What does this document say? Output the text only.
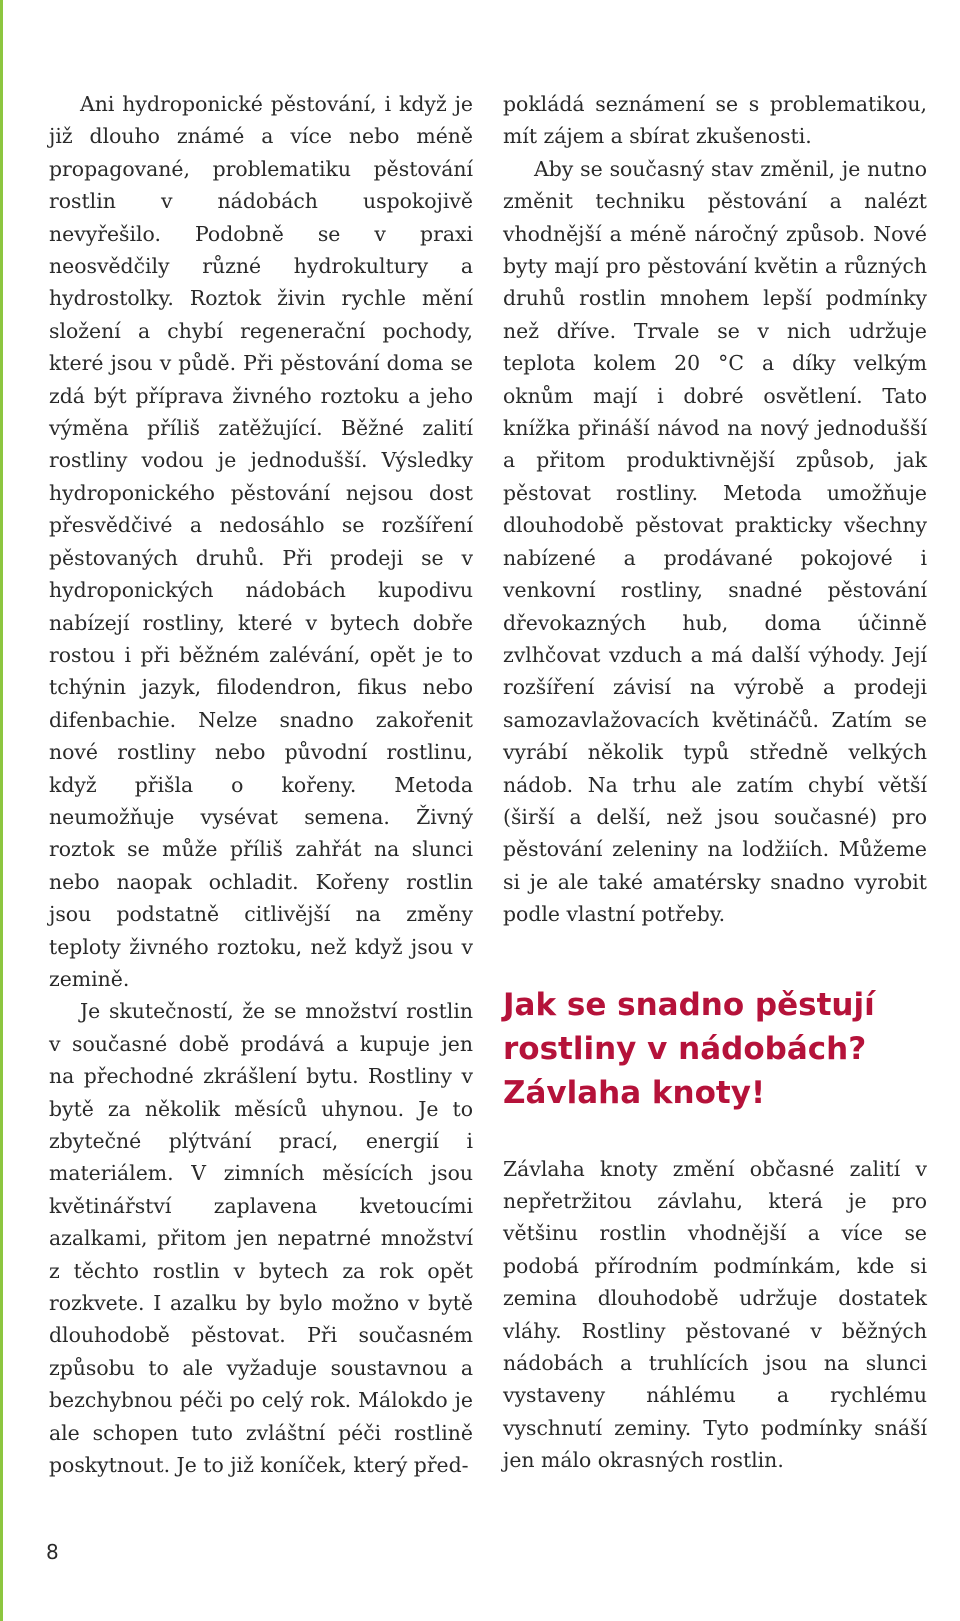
Ani hydroponické pěstování, i když je již dlouho známé a více nebo méně propagované, problematiku pěstování rostlin v nádobách uspokojivě nevyřešilo. Podobně se v praxi neosvědčily různé hydrokultury a hydrostolky. Roztok živin rychle mění složení a chybí regenerační pochody, které jsou v půdě. Při pěstování doma se zdá být příprava živného roztoku a jeho výměna příliš zatěžující. Běžné zalití rostliny vodou je jednodušší. Výsledky hydroponického pěstování nejsou dost přesvědčivé a nedosáhlo se rozšíření pěstovaných druhů. Při prodeji se v hydroponických nádobách kupodivu nabízejí rostliny, které v bytech dobře rostou i při běžném zalévání, opět je to tchýnin jazyk, filodendron, fikus nebo difenbachie. Nelze snadno zakořenit nové rostliny nebo původní rostlinu, když přišla o kořeny. Metoda neumožňuje vysévat semena. Živný roztok se může příliš zahřát na slunci nebo naopak ochladit. Kořeny rostlin jsou podstatně citlivější na změny teploty živného roztoku, než když jsou v zemině.

Je skutečností, že se množství rostlin v současné době prodává a kupuje jen na přechodné zkrášlení bytu. Rostliny v bytě za několik měsíců uhynou. Je to zbytečné plýtvání prací, energií i materiálem. V zimních měsících jsou květinářství zaplavena kvetoucími azalkami, přitom jen nepatrné množství z těchto rostlin v bytech za rok opět rozkvete. I azalku by bylo možno v bytě dlouhodobě pěstovat. Při současném způsobu to ale vyžaduje soustavnou a bezchybnou péči po celý rok. Málokdo je ale schopen tuto zvláštní péči rostlině poskytnout. Je to již koníček, který před-

pokládá seznámení se s problematikou, mít zájem a sbírat zkušenosti.

Aby se současný stav změnil, je nutno změnit techniku pěstování a nalézt vhodnější a méně náročný způsob. Nové byty mají pro pěstování květin a různých druhů rostlin mnohem lepší podmínky než dříve. Trvale se v nich udržuje teplota kolem 20 °C a díky velkým oknům mají i dobré osvětlení. Tato knížka přináší návod na nový jednodušší a přitom produktivnější způsob, jak pěstovat rostliny. Metoda umožňuje dlouhodobě pěstovat prakticky všechny nabízené a prodávané pokojové i venkovní rostliny, snadné pěstování dřevokazných hub, doma účinně zvlhčovat vzduch a má další výhody. Její rozšíření závisí na výrobě a prodeji samozavlažovacích květináčů. Zatím se vyrábí několik typů středně velkých nádob. Na trhu ale zatím chybí větší (širší a delší, než jsou současné) pro pěstování zeleniny na lodžiích. Můžeme si je ale také amatérsky snadno vyrobit podle vlastní potřeby.

Jak se snadno pěstují rostliny v nádobách? Závlaha knoty!

Závlaha knoty změní občasné zalití v nepřetržitou závlahu, která je pro většinu rostlin vhodnější a více se podobá přírodním podmínkám, kde si zemina dlouhodobě udržuje dostatek vláhy. Rostliny pěstované v běžných nádobách a truhlících jsou na slunci vystaveny náhlému a rychlému vyschnutí zeminy. Tyto podmínky snáší jen málo okrasných rostlin.

8
